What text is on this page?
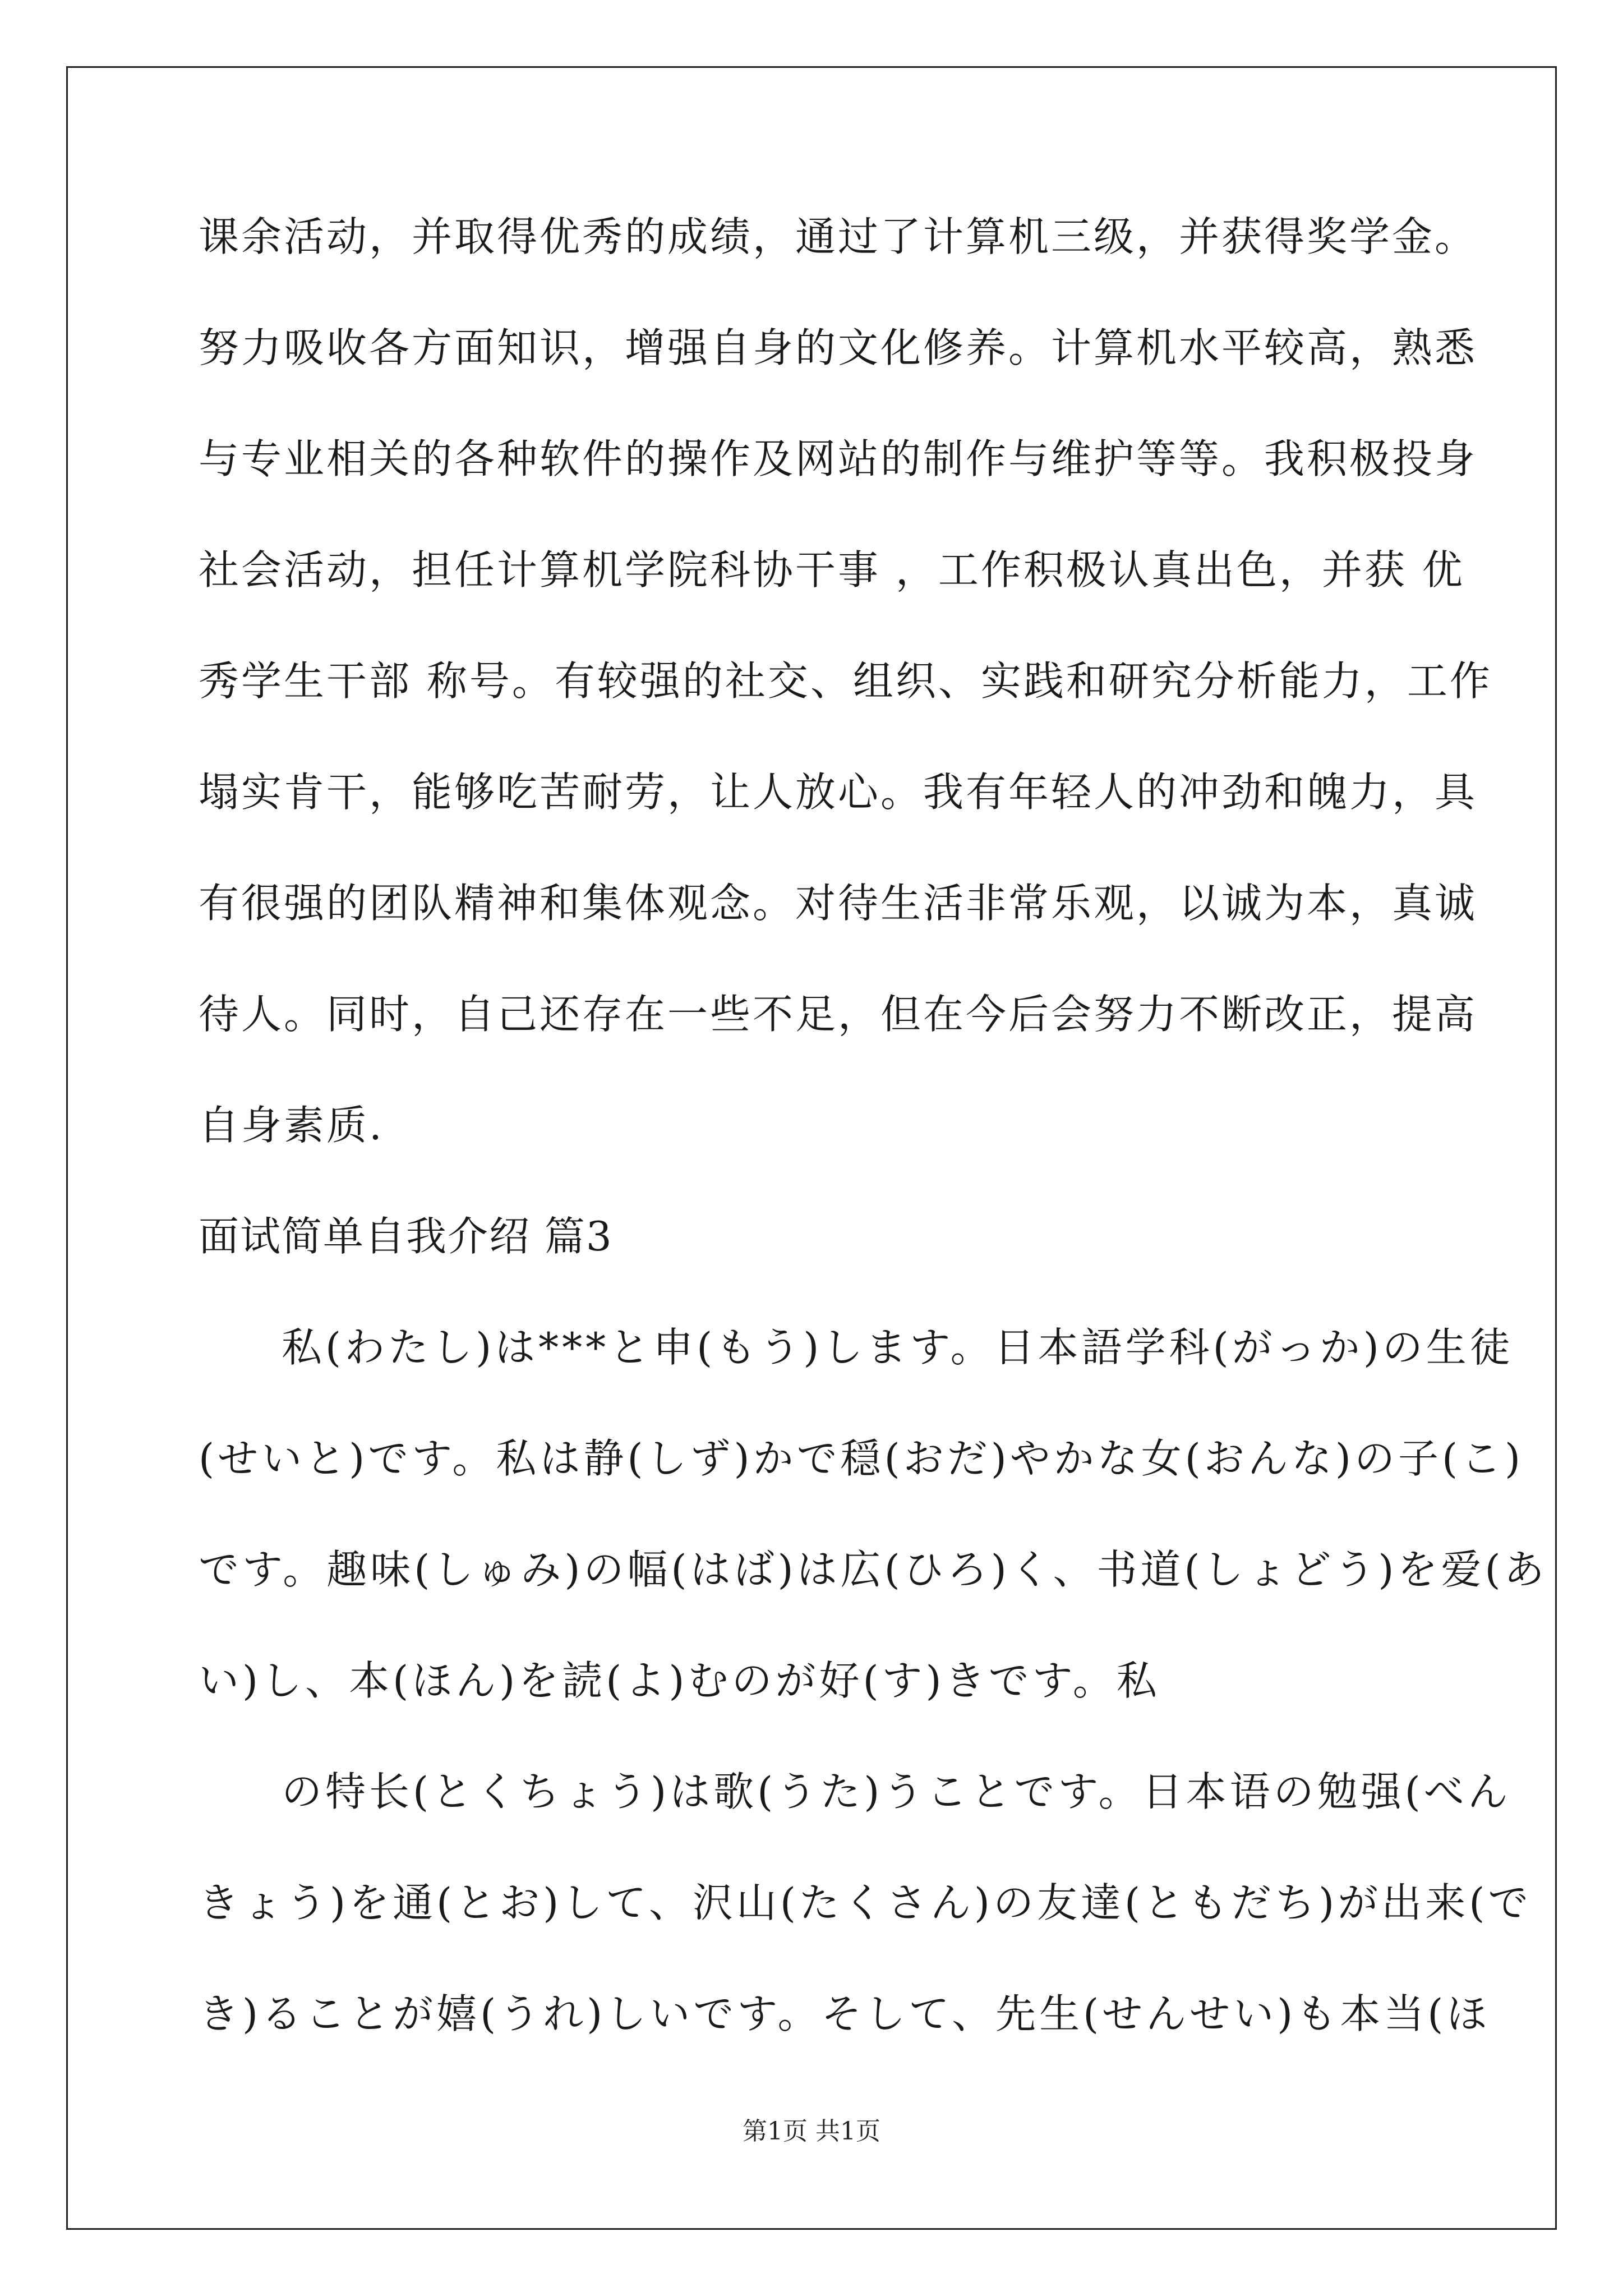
课余活动，并取得优秀的成绩，通过了计算机三级，并获得奖学金。
努力吸收各方面知识，增强自身的文化修养。计算机水平较高，熟悉
与专业相关的各种软件的操作及网站的制作与维护等等。我积极投身
社会活动，担任计算机学院科协干事 ，工作积极认真出色，并获 优
秀学生干部 称号。有较强的社交、组织、实践和研究分析能力，工作
塌实肯干，能够吃苦耐劳，让人放心。我有年轻人的冲劲和魄力，具
有很强的团队精神和集体观念。对待生活非常乐观，以诚为本，真诚
待人。同时，自己还存在一些不足，但在今后会努力不断改正，提高
自身素质.
面试简单自我介绍 篇3
私(わたし)は***と申(もう)します。日本語学科(がっか)の生徒
(せいと)です。私は静(しず)かで穏(おだ)やかな女(おんな)の子(こ)
です。趣味(しゅみ)の幅(はば)は広(ひろ)く、书道(しょどう)を爱(あ
い)し、本(ほん)を読(よ)むのが好(す)きです。私
の特长(とくちょう)は歌(うた)うことです。日本语の勉强(べん
きょう)を通(とお)して、沢山(たくさん)の友達(ともだち)が出来(で
き)ることが嬉(うれ)しいです。そして、先生(せんせい)も本当(ほ
第1页 共1页
